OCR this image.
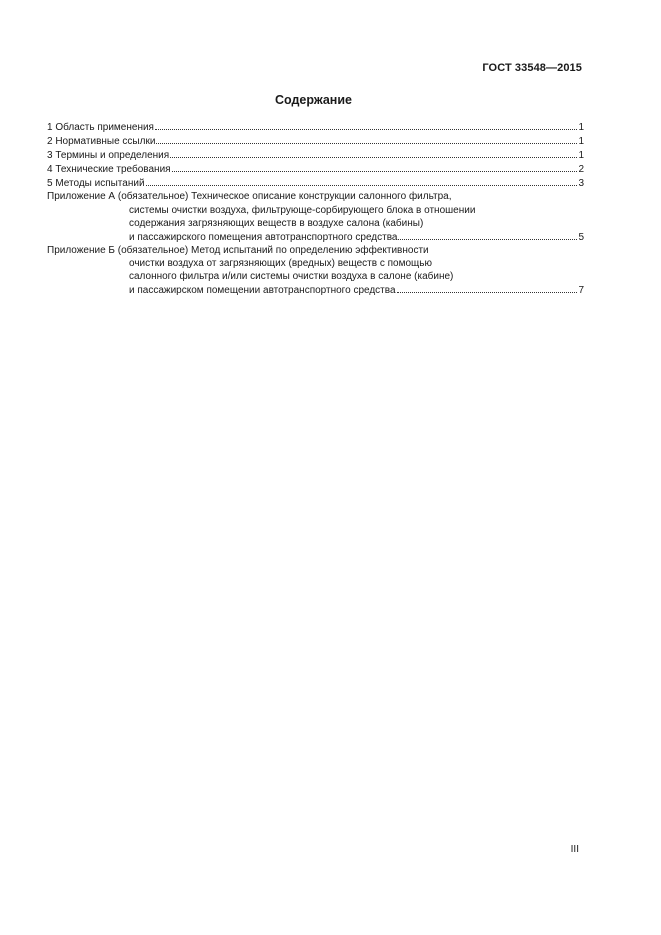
ГОСТ 33548—2015
Содержание
1 Область применения	1
2 Нормативные ссылки	1
3 Термины и определения	1
4 Технические требования	2
5 Методы испытаний	3
Приложение А (обязательное) Техническое описание конструкции салонного фильтра,
системы очистки воздуха, фильтрующе-сорбирующего блока в отношении
содержания загрязняющих веществ в воздухе салона (кабины)
и пассажирского помещения автотранспортного средства	5
Приложение Б (обязательное) Метод испытаний по определению эффективности
очистки воздуха от загрязняющих (вредных) веществ с помощью
салонного фильтра и/или системы очистки воздуха в салоне (кабине)
и пассажирском помещении автотранспортного средства	7
III
